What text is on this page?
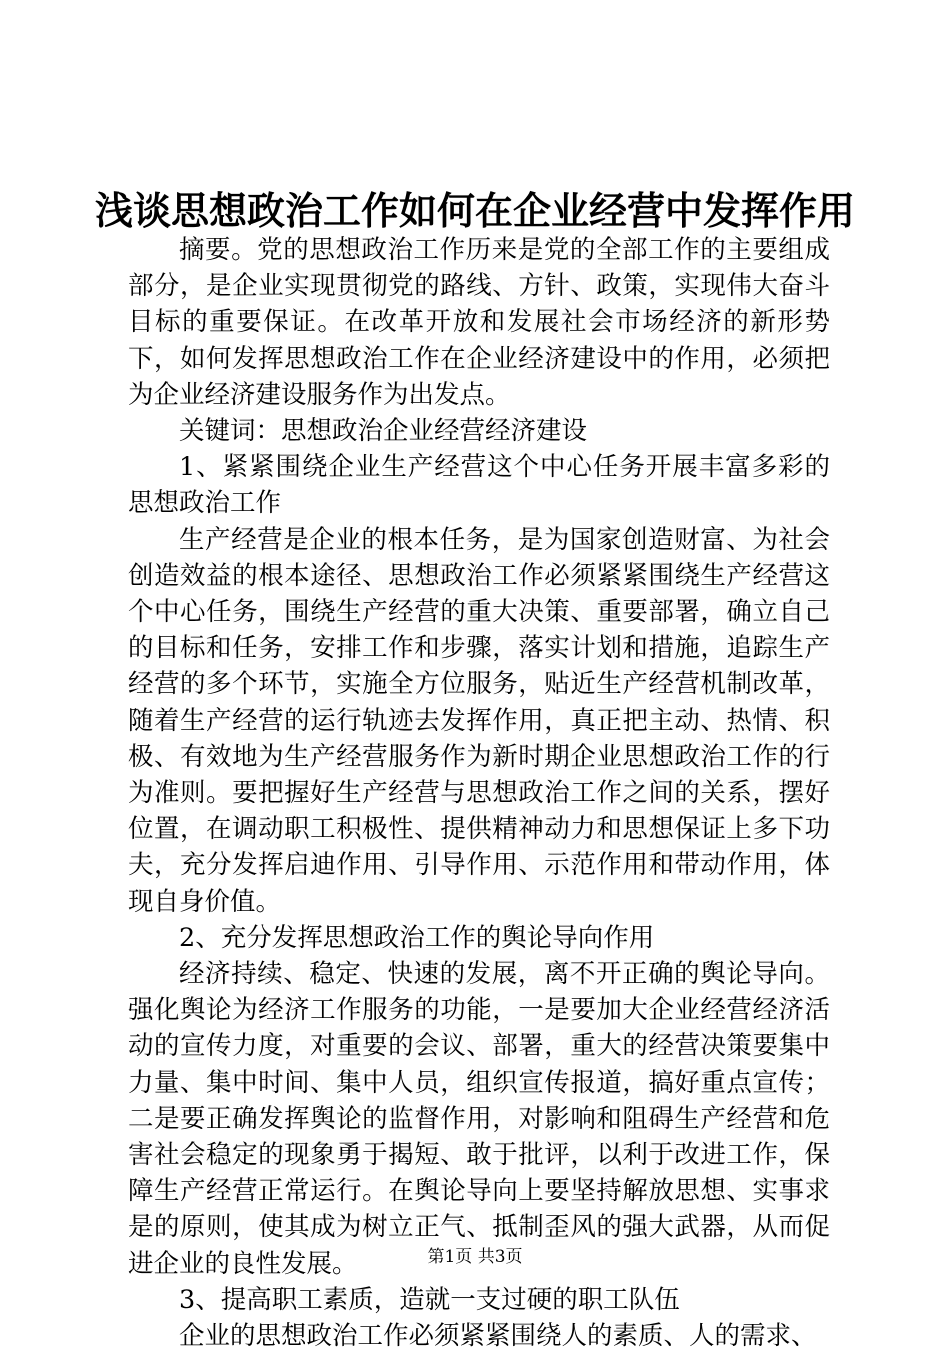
浅谈思想政治工作如何在企业经营中发挥作用

摘要。党的思想政治工作历来是党的全部工作的主要组成部分，是企业实现贯彻党的路线、方针、政策，实现伟大奋斗目标的重要保证。在改革开放和发展社会市场经济的新形势下，如何发挥思想政治工作在企业经济建设中的作用，必须把为企业经济建设服务作为出发点。

关键词：思想政治企业经营经济建设

1、紧紧围绕企业生产经营这个中心任务开展丰富多彩的思想政治工作

生产经营是企业的根本任务，是为国家创造财富、为社会创造效益的根本途径、思想政治工作必须紧紧围绕生产经营这个中心任务，围绕生产经营的重大决策、重要部署，确立自己的目标和任务，安排工作和步骤，落实计划和措施，追踪生产经营的多个环节，实施全方位服务，贴近生产经营机制改革，随着生产经营的运行轨迹去发挥作用，真正把主动、热情、积极、有效地为生产经营服务作为新时期企业思想政治工作的行为准则。要把握好生产经营与思想政治工作之间的关系，摆好位置，在调动职工积极性、提供精神动力和思想保证上多下功夫，充分发挥启迪作用、引导作用、示范作用和带动作用，体现自身价值。

2、充分发挥思想政治工作的舆论导向作用

经济持续、稳定、快速的发展，离不开正确的舆论导向。强化舆论为经济工作服务的功能，一是要加大企业经营经济活动的宣传力度，对重要的会议、部署，重大的经营决策要集中力量、集中时间、集中人员，组织宣传报道，搞好重点宣传；二是要正确发挥舆论的监督作用，对影响和阻碍生产经营和危害社会稳定的现象勇于揭短、敢于批评，以利于改进工作，保障生产经营正常运行。在舆论导向上要坚持解放思想、实事求是的原则，使其成为树立正气、抵制歪风的强大武器，从而促进企业的良性发展。

3、提高职工素质，造就一支过硬的职工队伍

企业的思想政治工作必须紧紧围绕人的素质、人的需求、

第1页 共3页
